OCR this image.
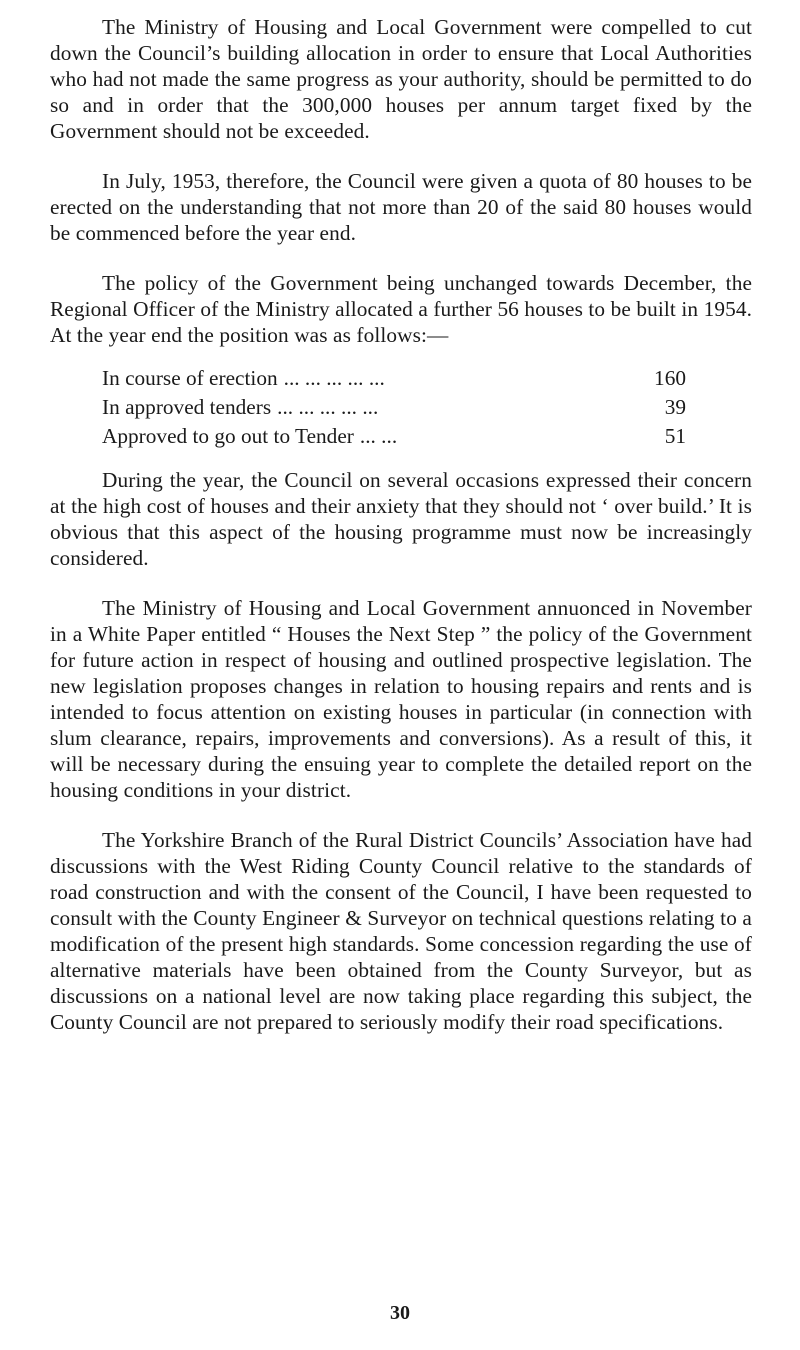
The Ministry of Housing and Local Government were compelled to cut down the Council’s building allocation in order to ensure that Local Authorities who had not made the same progress as your authority, should be permitted to do so and in order that the 300,000 houses per annum target fixed by the Government should not be exceeded.

In July, 1953, therefore, the Council were given a quota of 80 houses to be erected on the understanding that not more than 20 of the said 80 houses would be commenced before the year end.

The policy of the Government being unchanged towards December, the Regional Officer of the Ministry allocated a further 56 houses to be built in 1954. At the year end the position was as follows:—

In course of erection ... ... ... ... ...	160
In approved tenders ... ... ... ... ...	39
Approved to go out to Tender ... ...	51

During the year, the Council on several occasions expressed their concern at the high cost of houses and their anxiety that they should not ‘ over build.’ It is obvious that this aspect of the housing programme must now be increasingly considered.

The Ministry of Housing and Local Government annuonced in November in a White Paper entitled “ Houses the Next Step ” the policy of the Government for future action in respect of housing and outlined prospective legislation. The new legislation proposes changes in relation to housing repairs and rents and is intended to focus attention on existing houses in particular (in connection with slum clearance, repairs, improvements and conversions). As a result of this, it will be necessary during the ensuing year to complete the detailed report on the housing conditions in your district.

The Yorkshire Branch of the Rural District Councils’ Association have had discussions with the West Riding County Council relative to the standards of road construction and with the consent of the Council, I have been requested to consult with the County Engineer & Surveyor on technical questions relating to a modification of the present high standards. Some concession regarding the use of alternative materials have been obtained from the County Surveyor, but as discussions on a national level are now taking place regarding this subject, the County Council are not prepared to seriously modify their road specifications.

30
